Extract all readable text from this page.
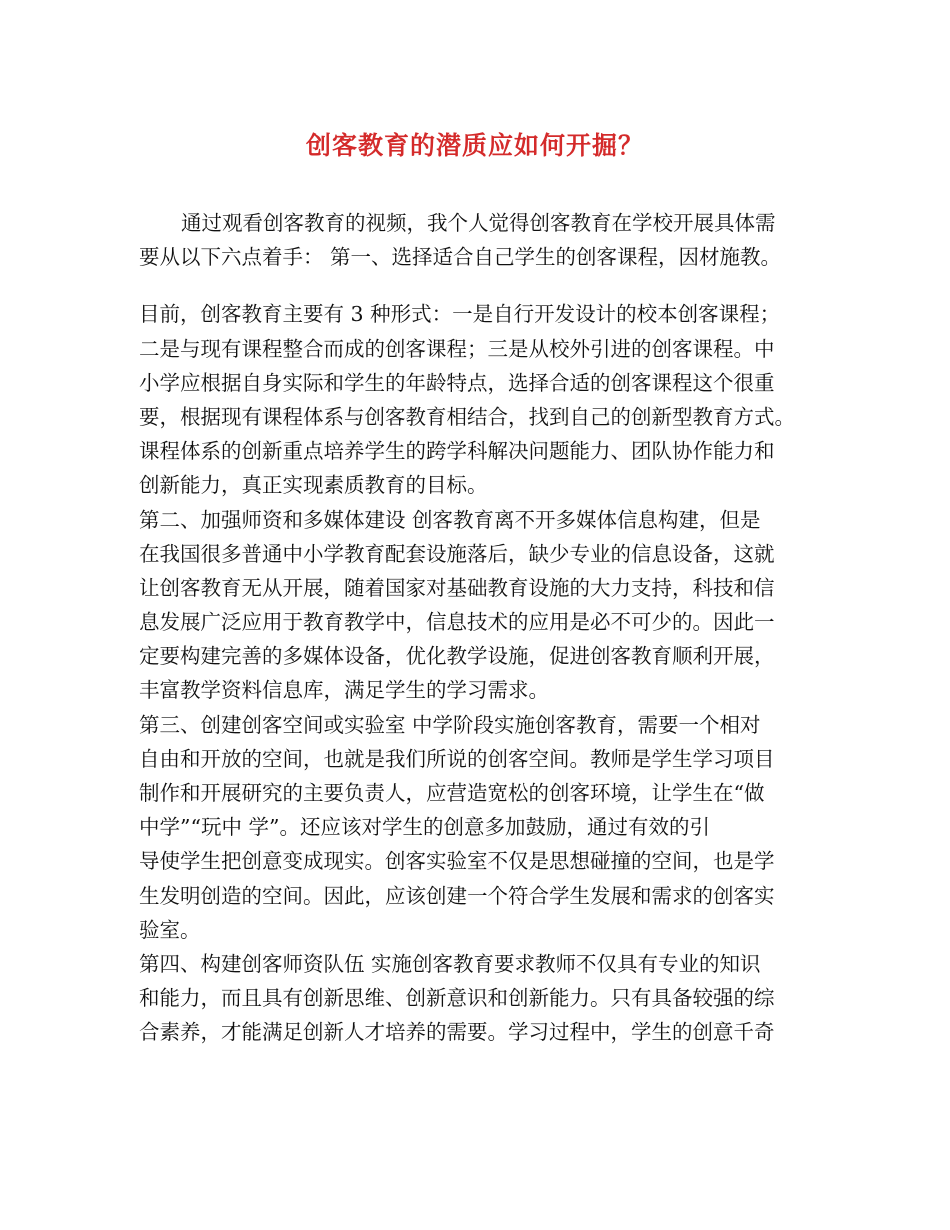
创客教育的潜质应如何开掘？
通过观看创客教育的视频，我个人觉得创客教育在学校开展具体需
要从以下六点着手： 第一、选择适合自己学生的创客课程，因材施教。
目前，创客教育主要有 3 种形式：一是自行开发设计的校本创客课程；
二是与现有课程整合而成的创客课程；三是从校外引进的创客课程。中
小学应根据自身实际和学生的年龄特点，选择合适的创客课程这个很重
要，根据现有课程体系与创客教育相结合，找到自己的创新型教育方式。
课程体系的创新重点培养学生的跨学科解决问题能力、团队协作能力和
创新能力，真正实现素质教育的目标。
第二、加强师资和多媒体建设 创客教育离不开多媒体信息构建，但是
在我国很多普通中小学教育配套设施落后，缺少专业的信息设备，这就
让创客教育无从开展，随着国家对基础教育设施的大力支持，科技和信
息发展广泛应用于教育教学中，信息技术的应用是必不可少的。因此一
定要构建完善的多媒体设备，优化教学设施，促进创客教育顺利开展，
丰富教学资料信息库，满足学生的学习需求。
第三、创建创客空间或实验室 中学阶段实施创客教育，需要一个相对
自由和开放的空间，也就是我们所说的创客空间。教师是学生学习项目
制作和开展研究的主要负责人，应营造宽松的创客环境，让学生在“做
中学”“玩中 学”。还应该对学生的创意多加鼓励，通过有效的引
导使学生把创意变成现实。创客实验室不仅是思想碰撞的空间，也是学
生发明创造的空间。因此，应该创建一个符合学生发展和需求的创客实
验室。
第四、构建创客师资队伍 实施创客教育要求教师不仅具有专业的知识
和能力，而且具有创新思维、创新意识和创新能力。只有具备较强的综
合素养，才能满足创新人才培养的需要。学习过程中，学生的创意千奇
